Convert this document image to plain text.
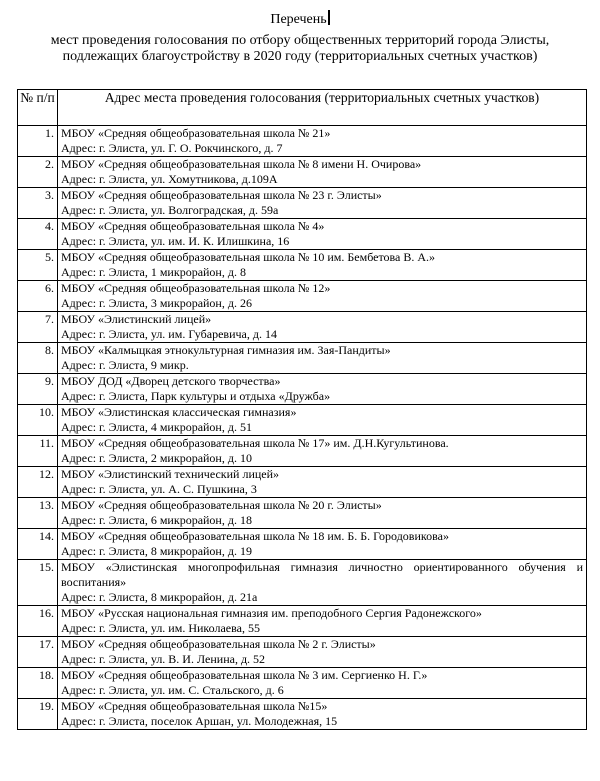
Перечень
мест проведения голосования по отбору общественных территорий города Элисты, подлежащих благоустройству в 2020 году (территориальных счетных участков)
№ п/п	Адрес места проведения голосования (территориальных счетных участков)
1.	МБОУ «Средняя общеобразовательная школа № 21»
Адрес: г. Элиста, ул. Г. О. Рокчинского, д. 7

2.	МБОУ «Средняя общеобразовательная школа № 8 имени Н. Очирова»
Адрес: г. Элиста, ул. Хомутникова, д.109А

3.	МБОУ «Средняя общеобразовательная школа № 23 г. Элисты»
Адрес: г. Элиста, ул. Волгоградская, д. 59а

4.	МБОУ «Средняя общеобразовательная школа № 4»
Адрес: г. Элиста, ул. им. И. К. Илишкина, 16

5.	МБОУ «Средняя общеобразовательная школа № 10 им. Бембетова В. А.»
Адрес: г. Элиста, 1 микрорайон, д. 8

6.	МБОУ «Средняя общеобразовательная школа № 12»
Адрес: г. Элиста, 3 микрорайон, д. 26

7.	МБОУ «Элистинский лицей»
Адрес: г. Элиста, ул. им. Губаревича, д. 14

8.	МБОУ «Калмыцкая этнокультурная гимназия им. Зая-Пандиты»
Адрес: г. Элиста, 9 микр.

9.	МБОУ ДОД «Дворец детского творчества»
Адрес: г. Элиста, Парк культуры и отдыха «Дружба»

10.	МБОУ «Элистинская классическая гимназия»
Адрес: г. Элиста, 4 микрорайон, д. 51

11.	МБОУ «Средняя общеобразовательная школа № 17» им. Д.Н.Кугультинова.
Адрес: г. Элиста, 2 микрорайон, д. 10

12.	МБОУ «Элистинский технический лицей»
Адрес: г. Элиста, ул. А. С. Пушкина, 3

13.	МБОУ «Средняя общеобразовательная школа № 20 г. Элисты»
Адрес: г. Элиста, 6 микрорайон, д. 18

14.	МБОУ «Средняя общеобразовательная школа № 18 им. Б. Б. Городовикова»
Адрес: г. Элиста, 8 микрорайон, д. 19

15.	МБОУ «Элистинская многопрофильная гимназия личностно ориентированного обучения и воспитания»
Адрес: г. Элиста, 8 микрорайон, д. 21а

16.	МБОУ «Русская национальная гимназия им. преподобного Сергия Радонежского»
Адрес: г. Элиста, ул. им. Николаева, 55

17.	МБОУ «Средняя общеобразовательная школа № 2 г. Элисты»
Адрес: г. Элиста, ул. В. И. Ленина, д. 52

18.	МБОУ «Средняя общеобразовательная школа № 3 им. Сергиенко Н. Г.»
Адрес: г. Элиста, ул. им. С. Стальского, д. 6

19.	МБОУ «Средняя общеобразовательная школа №15»
Адрес: г. Элиста, поселок Аршан, ул. Молодежная, 15
